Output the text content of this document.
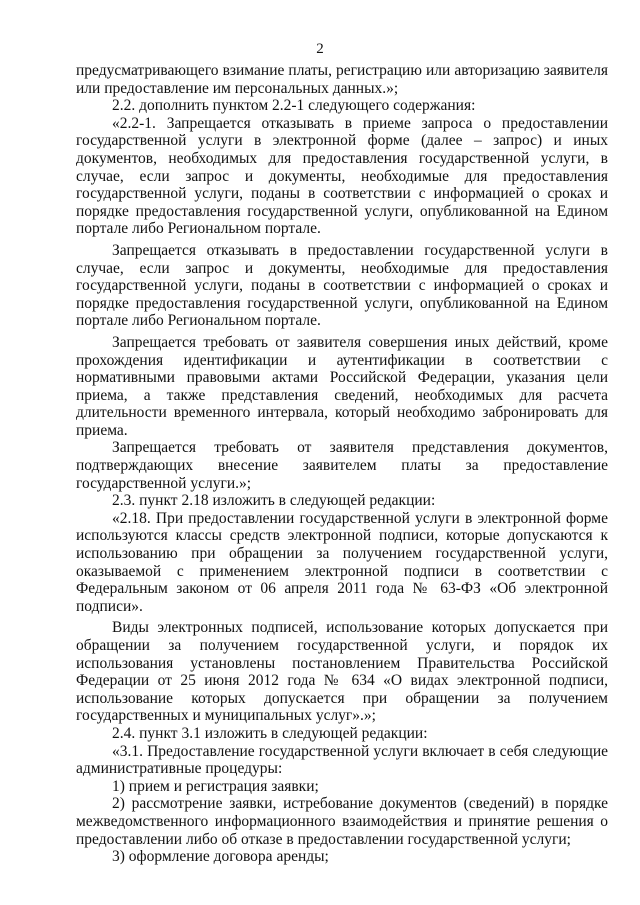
2

предусматривающего взимание платы, регистрацию или авторизацию заявителя или предоставление им персональных данных.»;

2.2. дополнить пунктом 2.2-1 следующего содержания:

«2.2-1. Запрещается отказывать в приеме запроса о предоставлении государственной услуги в электронной форме (далее – запрос) и иных документов, необходимых для предоставления государственной услуги, в случае, если запрос и документы, необходимые для предоставления государственной услуги, поданы в соответствии с информацией о сроках и порядке предоставления государственной услуги, опубликованной на Едином портале либо Региональном портале.

Запрещается отказывать в предоставлении государственной услуги в случае, если запрос и документы, необходимые для предоставления государственной услуги, поданы в соответствии с информацией о сроках и порядке предоставления государственной услуги, опубликованной на Едином портале либо Региональном портале.

Запрещается требовать от заявителя совершения иных действий, кроме прохождения идентификации и аутентификации в соответствии с нормативными правовыми актами Российской Федерации, указания цели приема, а также представления сведений, необходимых для расчета длительности временного интервала, который необходимо забронировать для приема.

Запрещается требовать от заявителя представления документов, подтверждающих внесение заявителем платы за предоставление государственной услуги.»;

2.3. пункт 2.18 изложить в следующей редакции:

«2.18. При предоставлении государственной услуги в электронной форме используются классы средств электронной подписи, которые допускаются к использованию при обращении за получением государственной услуги, оказываемой с применением электронной подписи в соответствии с Федеральным законом от 06 апреля 2011 года № 63-ФЗ «Об электронной подписи».

Виды электронных подписей, использование которых допускается при обращении за получением государственной услуги, и порядок их использования установлены постановлением Правительства Российской Федерации от 25 июня 2012 года № 634 «О видах электронной подписи, использование которых допускается при обращении за получением государственных и муниципальных услуг».»;

2.4. пункт 3.1 изложить в следующей редакции:

«3.1. Предоставление государственной услуги включает в себя следующие административные процедуры:

1) прием и регистрация заявки;

2) рассмотрение заявки, истребование документов (сведений) в порядке межведомственного информационного взаимодействия и принятие решения о предоставлении либо об отказе в предоставлении государственной услуги;

3) оформление договора аренды;
